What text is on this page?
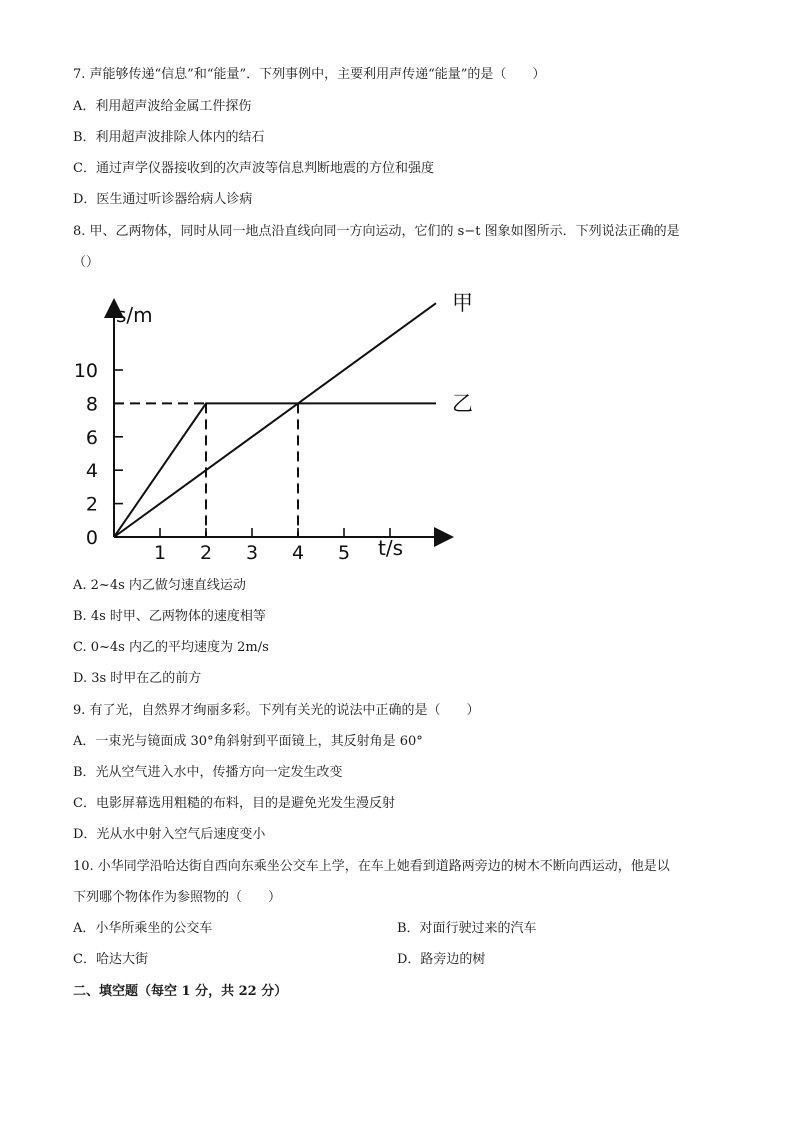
7. 声能够传递“信息”和“能量”．下列事例中，主要利用声传递“能量”的是（　　）
A．利用超声波给金属工件探伤
B．利用超声波排除人体内的结石
C．通过声学仪器接收到的次声波等信息判断地震的方位和强度
D．医生通过听诊器给病人诊病
8. 甲、乙两物体，同时从同一地点沿直线向同一方向运动，它们的 s−t 图象如图所示．下列说法正确的是
（）
s/m
t/s
1 2 3 4 5
0
2
4
6
8
10
甲
乙
A. 2~4s 内乙做匀速直线运动
B. 4s 时甲、乙两物体的速度相等
C. 0~4s 内乙的平均速度为 2m/s
D. 3s 时甲在乙的前方
9. 有了光，自然界才绚丽多彩。下列有关光的说法中正确的是（　　）
A．一束光与镜面成 30°角斜射到平面镜上，其反射角是 60°
B．光从空气进入水中，传播方向一定发生改变
C．电影屏幕选用粗糙的布料，目的是避免光发生漫反射
D．光从水中射入空气后速度变小
10. 小华同学沿哈达街自西向东乘坐公交车上学，在车上她看到道路两旁边的树木不断向西运动，他是以
下列哪个物体作为参照物的（　　）
A．小华所乘坐的公交车	B．对面行驶过来的汽车
C．哈达大街	D．路旁边的树
二、填空题（每空 1 分，共 22 分）
